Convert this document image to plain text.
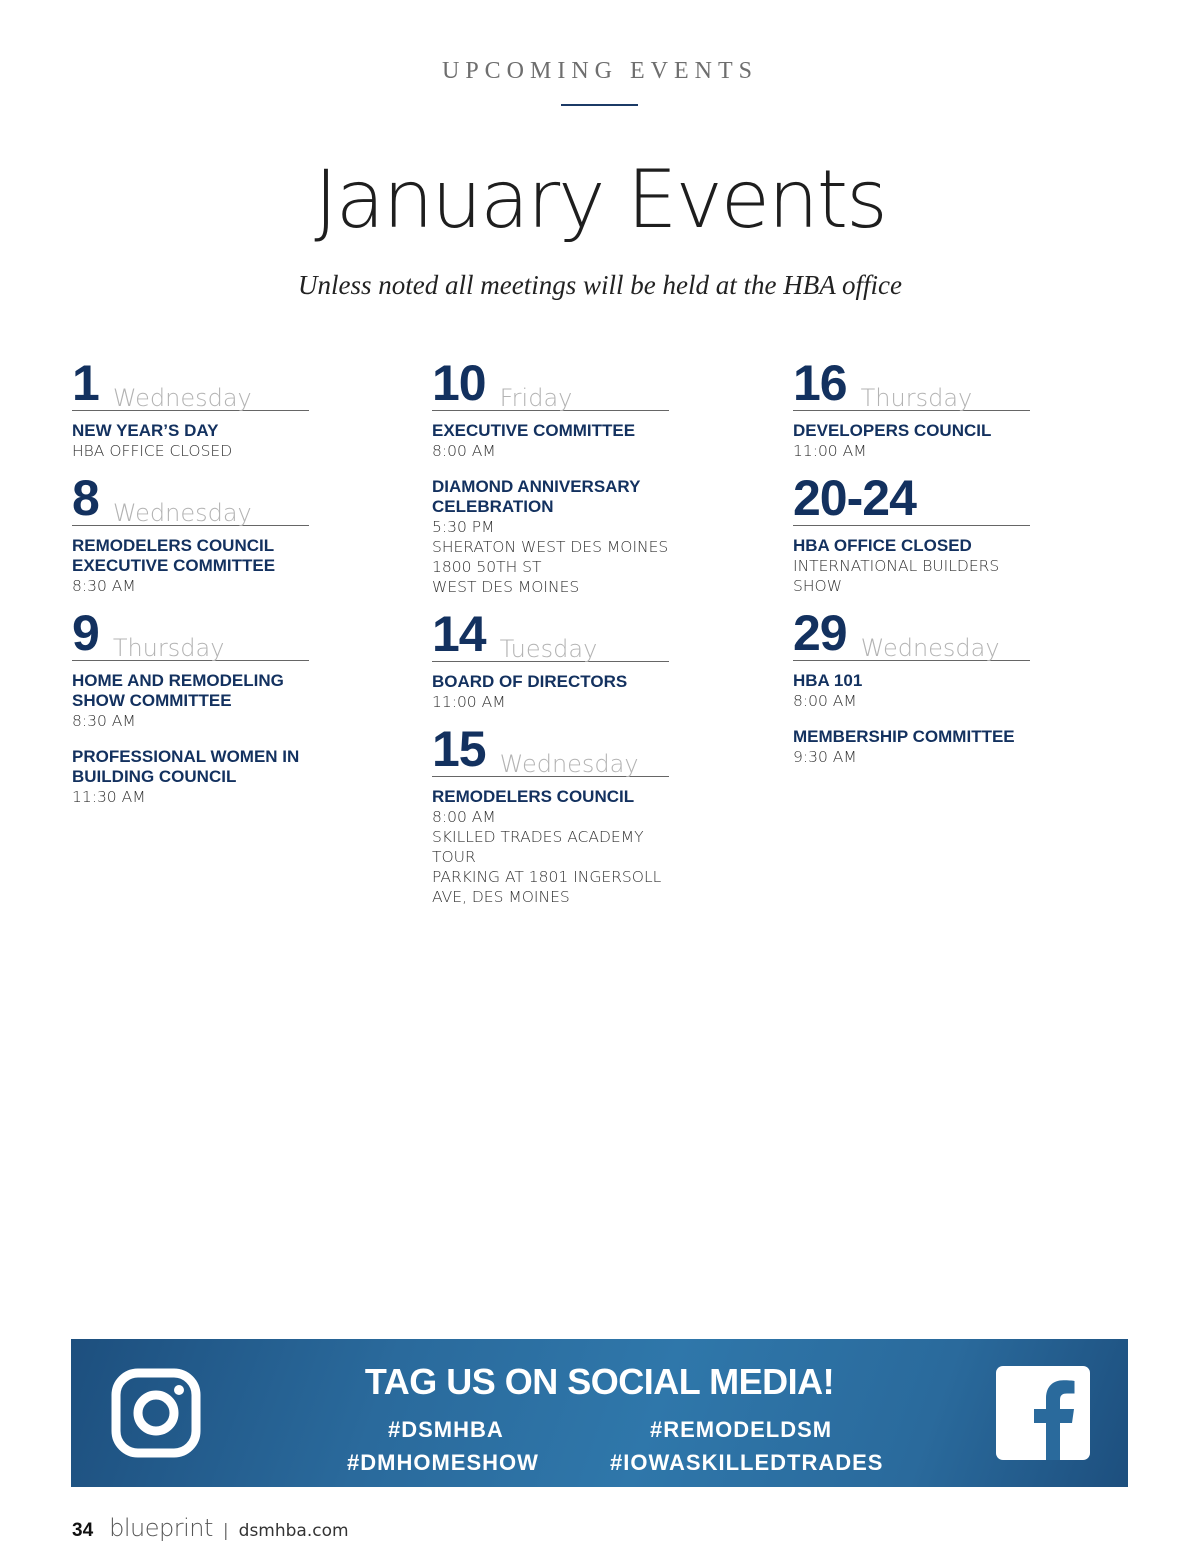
UPCOMING EVENTS
January Events
Unless noted all meetings will be held at the HBA office
1 Wednesday
NEW YEAR’S DAY
HBA OFFICE CLOSED
8 Wednesday
REMODELERS COUNCIL EXECUTIVE COMMITTEE
8:30 AM
9 Thursday
HOME AND REMODELING SHOW COMMITTEE
8:30 AM
PROFESSIONAL WOMEN IN BUILDING COUNCIL
11:30 AM
10 Friday
EXECUTIVE COMMITTEE
8:00 AM
DIAMOND ANNIVERSARY CELEBRATION
5:30 PM
SHERATON WEST DES MOINES
1800 50TH ST
WEST DES MOINES
14 Tuesday
BOARD OF DIRECTORS
11:00 AM
15 Wednesday
REMODELERS COUNCIL
8:00 AM
SKILLED TRADES ACADEMY TOUR
PARKING AT 1801 INGERSOLL AVE, DES MOINES
16 Thursday
DEVELOPERS COUNCIL
11:00 AM
20-24
HBA OFFICE CLOSED
INTERNATIONAL BUILDERS SHOW
29 Wednesday
HBA 101
8:00 AM
MEMBERSHIP COMMITTEE
9:30 AM
TAG US ON SOCIAL MEDIA!
#DSMHBA	#REMODELDSM
#DMHOMESHOW	#IOWASKILLEDTRADES
34 blueprint | dsmhba.com
